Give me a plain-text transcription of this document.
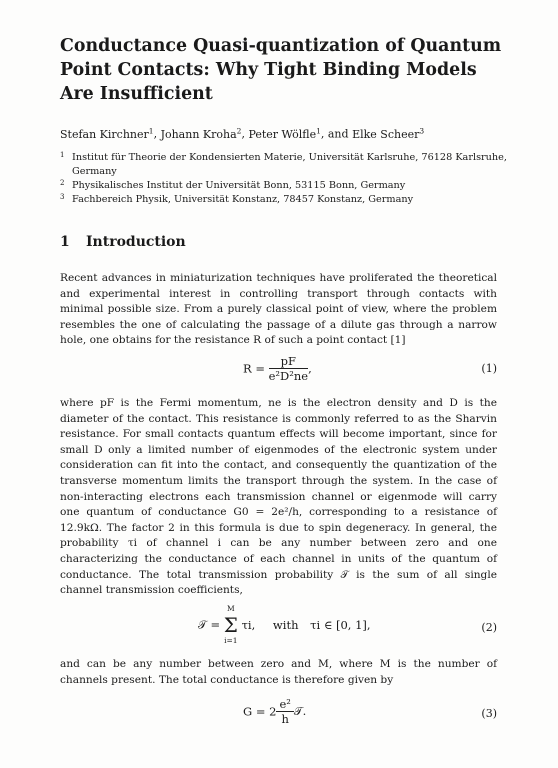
Conductance Quasi-quantization of Quantum Point Contacts: Why Tight Binding Models Are Insufficient
Stefan Kirchner$^1$, Johann Kroha$^2$, Peter Wölfle$^1$, and Elke Scheer$^3$
1 Institut für Theorie der Kondensierten Materie, Universität Karlsruhe, 76128 Karlsruhe, Germany
2 Physikalisches Institut der Universität Bonn, 53115 Bonn, Germany
3 Fachbereich Physik, Universität Konstanz, 78457 Konstanz, Germany
1 Introduction
Recent advances in miniaturization techniques have proliferated the theoretical and experimental interest in controlling transport through contacts with minimal possible size. From a purely classical point of view, where the problem resembles the one of calculating the passage of a dilute gas through a narrow hole, one obtains for the resistance R of such a point contact [1]
$R = \frac{pF}{\text{e²D²ne}}$ ,	(1)
where pF is the Fermi momentum, ne is the electron density and D is the diameter of the contact. This resistance is commonly referred to as the Sharvin resistance. For small contacts quantum effects will become important, since for small D only a limited number of eigenmodes of the electronic system under consideration can fit into the contact, and consequently the quantization of the transverse momentum limits the transport through the system. In the case of non-interacting electrons each transmission channel or eigenmode will carry one quantum of conductance G0 = 2e²/h, corresponding to a resistance of 12.9kΩ. The factor 2 in this formula is due to spin degeneracy. In general, the probability τi of channel i can be any number between zero and one characterizing the conductance of each channel in units of the quantum of conductance. The total transmission probability 𝒯 is the sum of all single channel transmission coefficients,
𝒯 =
M
Σ
i=1
τi, with τi ∈ [0, 1],	(2)
and can be any number between zero and M, where M is the number of channels present. The total conductance is therefore given by
$G = 2 \frac{\text{e²}}{h}$ 𝒯.	(3)
